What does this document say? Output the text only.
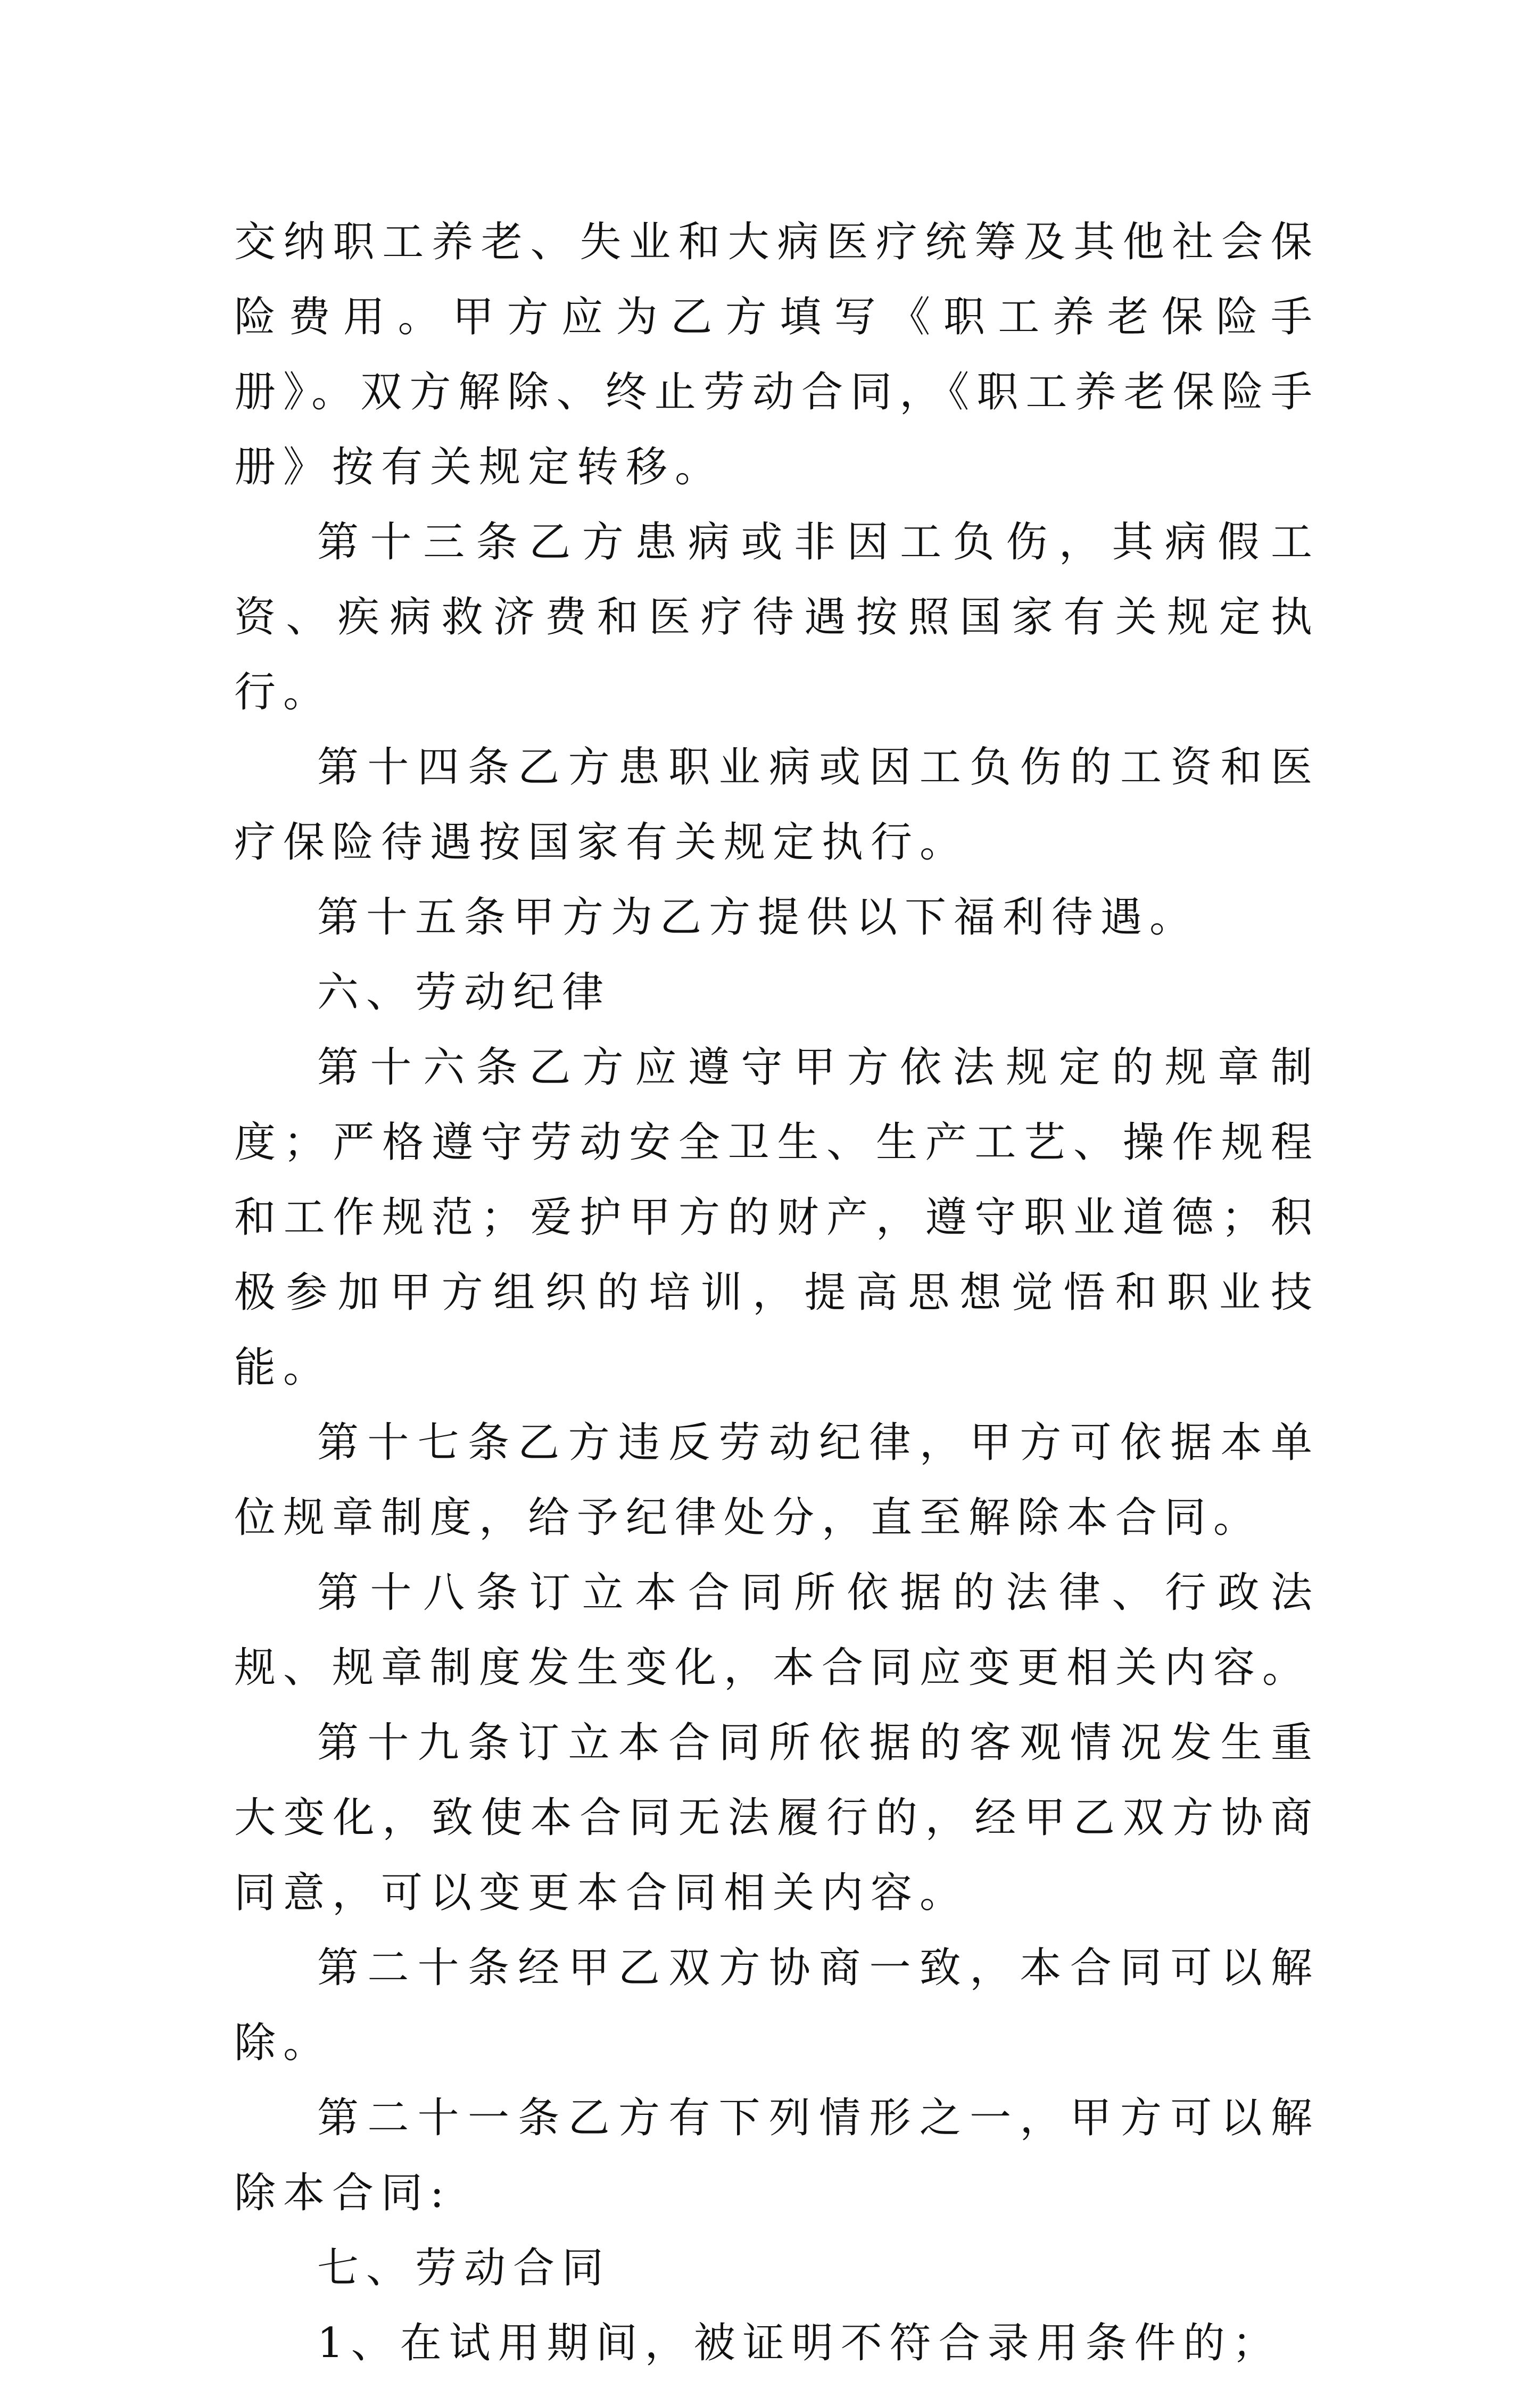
交纳职工养老、失业和大病医疗统筹及其他社会保险费用。甲方应为乙方填写《职工养老保险手册》。双方解除、终止劳动合同，《职工养老保险手册》按有关规定转移。

第十三条乙方患病或非因工负伤，其病假工资、疾病救济费和医疗待遇按照国家有关规定执行。

第十四条乙方患职业病或因工负伤的工资和医疗保险待遇按国家有关规定执行。

第十五条甲方为乙方提供以下福利待遇。

六、劳动纪律

第十六条乙方应遵守甲方依法规定的规章制度；严格遵守劳动安全卫生、生产工艺、操作规程和工作规范；爱护甲方的财产，遵守职业道德；积极参加甲方组织的培训，提高思想觉悟和职业技能。

第十七条乙方违反劳动纪律，甲方可依据本单位规章制度，给予纪律处分，直至解除本合同。

第十八条订立本合同所依据的法律、行政法规、规章制度发生变化，本合同应变更相关内容。

第十九条订立本合同所依据的客观情况发生重大变化，致使本合同无法履行的，经甲乙双方协商同意，可以变更本合同相关内容。

第二十条经甲乙双方协商一致，本合同可以解除。

第二十一条乙方有下列情形之一，甲方可以解除本合同:

七、劳动合同

1、在试用期间，被证明不符合录用条件的；
